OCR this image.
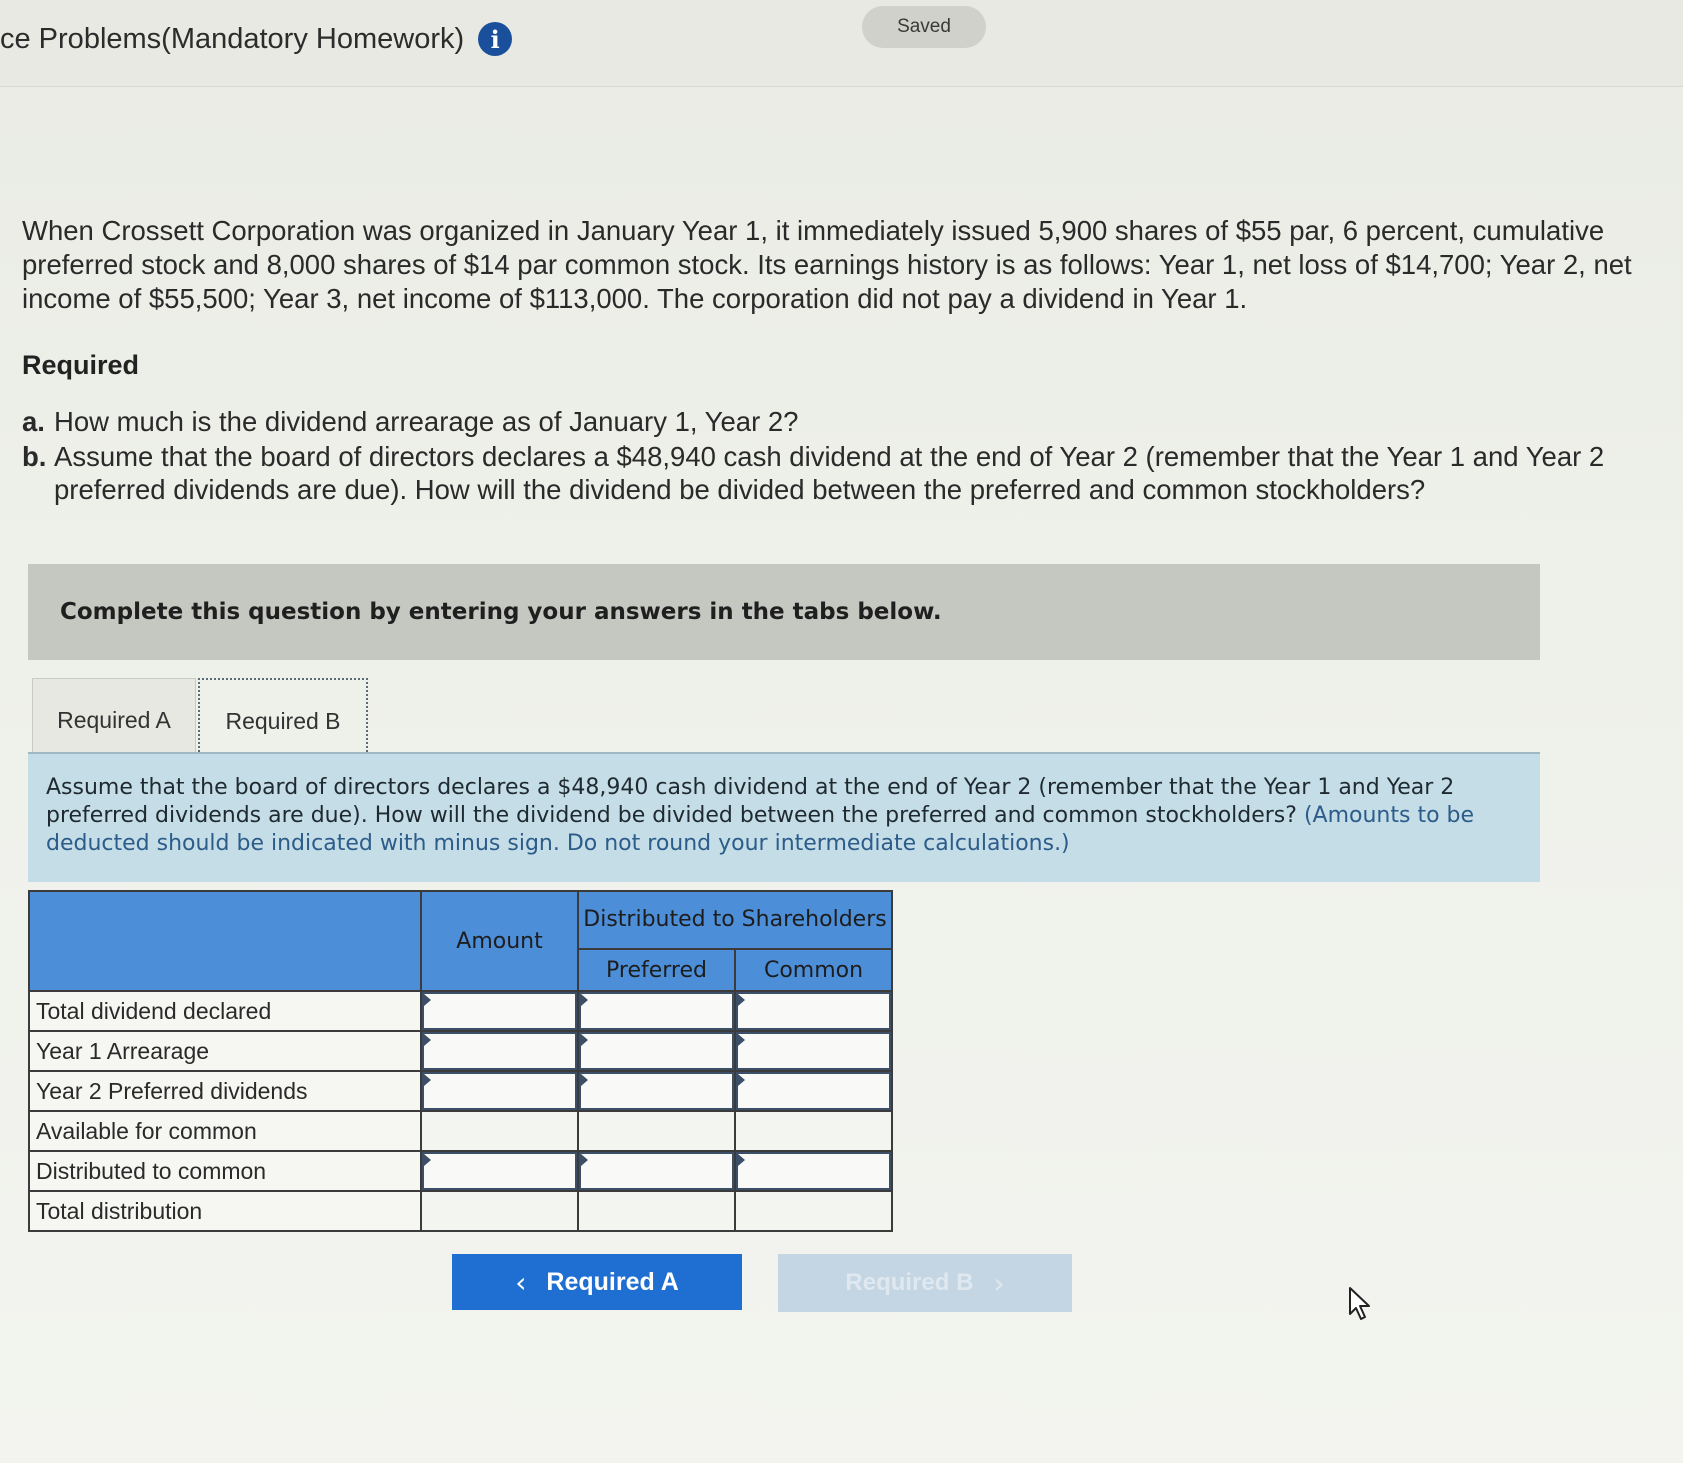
ce Problems(Mandatory Homework)	i	Saved
When Crossett Corporation was organized in January Year 1, it immediately issued 5,900 shares of $55 par, 6 percent, cumulative preferred stock and 8,000 shares of $14 par common stock. Its earnings history is as follows: Year 1, net loss of $14,700; Year 2, net income of $55,500; Year 3, net income of $113,000. The corporation did not pay a dividend in Year 1.
Required
a. How much is the dividend arrearage as of January 1, Year 2?
b. Assume that the board of directors declares a $48,940 cash dividend at the end of Year 2 (remember that the Year 1 and Year 2 preferred dividends are due). How will the dividend be divided between the preferred and common stockholders?
Complete this question by entering your answers in the tabs below.
Required A	Required B
Assume that the board of directors declares a $48,940 cash dividend at the end of Year 2 (remember that the Year 1 and Year 2 preferred dividends are due). How will the dividend be divided between the preferred and common stockholders? (Amounts to be deducted should be indicated with minus sign. Do not round your intermediate calculations.)
	Amount	Distributed to Shareholders	
		Preferred	Common
Total dividend declared			
Year 1 Arrearage			
Year 2 Preferred dividends			
Available for common			
Distributed to common			
Total distribution			
‹ Required A	Required B ›
